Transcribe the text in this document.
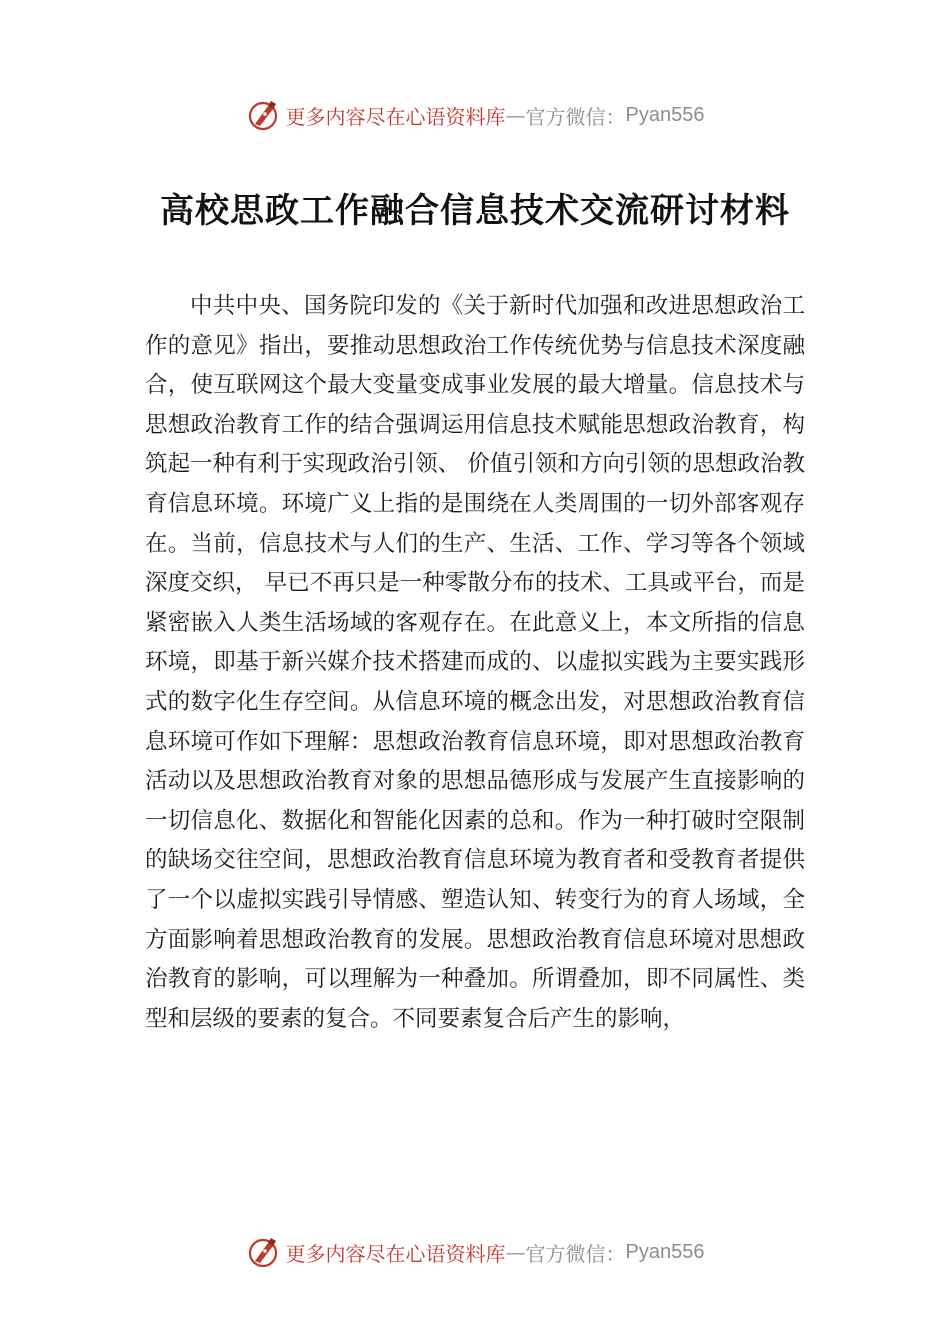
更多内容尽在心语资料库 — 官方微信： Pyan556
高校思政工作融合信息技术交流研讨材料

中共中央、国务院印发的《关于新时代加强和改进思想政治工作的意见》指出，要推动思想政治工作传统优势与信息技术深度融合，使互联网这个最大变量变成事业发展的最大增量。信息技术与思想政治教育工作的结合强调运用信息技术赋能思想政治教育，构筑起一种有利于实现政治引领、 价值引领和方向引领的思想政治教育信息环境。环境广义上指的是围绕在人类周围的一切外部客观存在。当前，信息技术与人们的生产、生活、工作、学习等各个领域深度交织， 早已不再只是一种零散分布的技术、工具或平台，而是紧密嵌入人类生活场域的客观存在。在此意义上，本文所指的信息环境，即基于新兴媒介技术搭建而成的、以虚拟实践为主要实践形式的数字化生存空间。从信息环境的概念出发，对思想政治教育信息环境可作如下理解：思想政治教育信息环境，即对思想政治教育活动以及思想政治教育对象的思想品德形成与发展产生直接影响的一切信息化、数据化和智能化因素的总和。作为一种打破时空限制的缺场交往空间，思想政治教育信息环境为教育者和受教育者提供了一个以虚拟实践引导情感、塑造认知、转变行为的育人场域，全方面影响着思想政治教育的发展。思想政治教育信息环境对思想政治教育的影响，可以理解为一种叠加。所谓叠加，即不同属性、类型和层级的要素的复合。不同要素复合后产生的影响，

更多内容尽在心语资料库 — 官方微信： Pyan556
